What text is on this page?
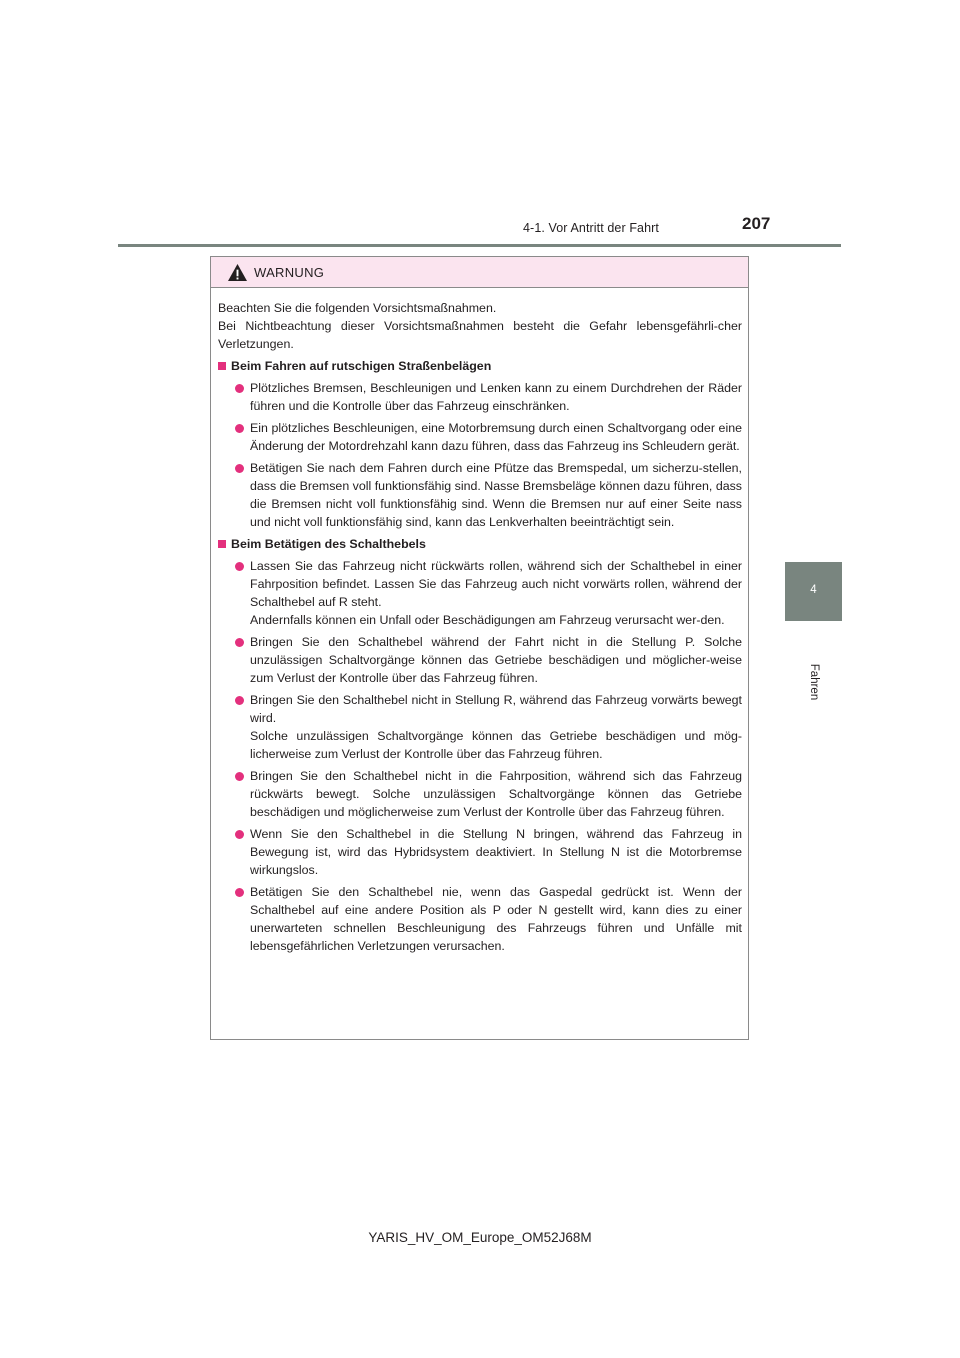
4-1. Vor Antritt der Fahrt	207
4
Fahren
WARNUNG

Beachten Sie die folgenden Vorsichtsmaßnahmen.
Bei Nichtbeachtung dieser Vorsichtsmaßnahmen besteht die Gefahr lebensgefährli-cher Verletzungen.

Beim Fahren auf rutschigen Straßenbelägen
Plötzliches Bremsen, Beschleunigen und Lenken kann zu einem Durchdrehen der Räder führen und die Kontrolle über das Fahrzeug einschränken.
Ein plötzliches Beschleunigen, eine Motorbremsung durch einen Schaltvorgang oder eine Änderung der Motordrehzahl kann dazu führen, dass das Fahrzeug ins Schleudern gerät.
Betätigen Sie nach dem Fahren durch eine Pfütze das Bremspedal, um sicherzu-stellen, dass die Bremsen voll funktionsfähig sind. Nasse Bremsbeläge können dazu führen, dass die Bremsen nicht voll funktionsfähig sind. Wenn die Bremsen nur auf einer Seite nass und nicht voll funktionsfähig sind, kann das Lenkverhalten beeinträchtigt sein.
Beim Betätigen des Schalthebels
Lassen Sie das Fahrzeug nicht rückwärts rollen, während sich der Schalthebel in einer Fahrposition befindet. Lassen Sie das Fahrzeug auch nicht vorwärts rollen, während der Schalthebel auf R steht.
Andernfalls können ein Unfall oder Beschädigungen am Fahrzeug verursacht wer-den.
Bringen Sie den Schalthebel während der Fahrt nicht in die Stellung P. Solche unzulässigen Schaltvorgänge können das Getriebe beschädigen und möglicher-weise zum Verlust der Kontrolle über das Fahrzeug führen.
Bringen Sie den Schalthebel nicht in Stellung R, während das Fahrzeug vorwärts bewegt wird.
Solche unzulässigen Schaltvorgänge können das Getriebe beschädigen und mög-licherweise zum Verlust der Kontrolle über das Fahrzeug führen.
Bringen Sie den Schalthebel nicht in die Fahrposition, während sich das Fahrzeug rückwärts bewegt. Solche unzulässigen Schaltvorgänge können das Getriebe beschädigen und möglicherweise zum Verlust der Kontrolle über das Fahrzeug führen.
Wenn Sie den Schalthebel in die Stellung N bringen, während das Fahrzeug in Bewegung ist, wird das Hybridsystem deaktiviert. In Stellung N ist die Motorbremse wirkungslos.
Betätigen Sie den Schalthebel nie, wenn das Gaspedal gedrückt ist. Wenn der Schalthebel auf eine andere Position als P oder N gestellt wird, kann dies zu einer unerwarteten schnellen Beschleunigung des Fahrzeugs führen und Unfälle mit lebensgefährlichen Verletzungen verursachen.
YARIS_HV_OM_Europe_OM52J68M
